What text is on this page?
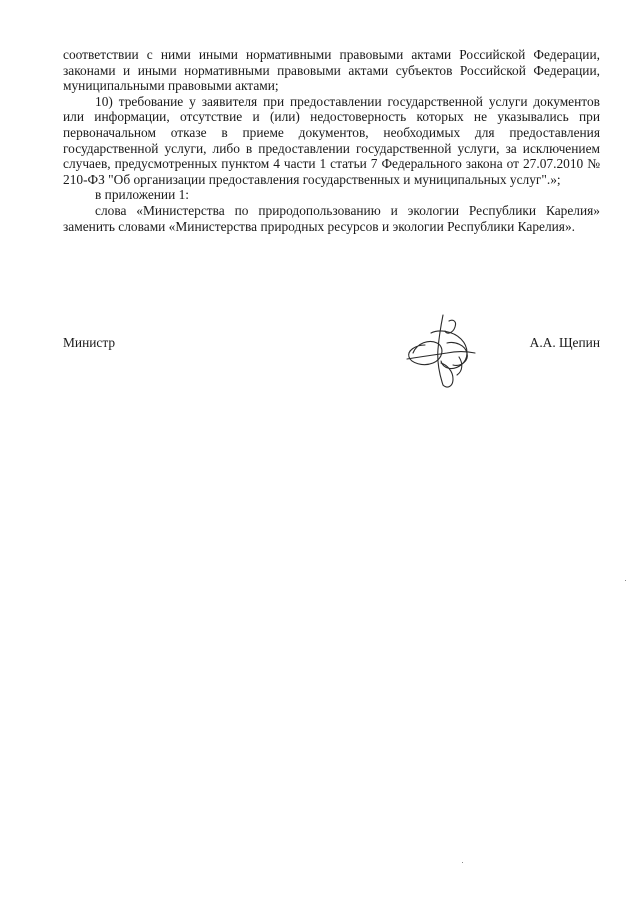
соответствии с ними иными нормативными правовыми актами Российской Федерации, законами и иными нормативными правовыми актами субъектов Российской Федерации, муниципальными правовыми актами;

10) требование у заявителя при предоставлении государственной услуги документов или информации, отсутствие и (или) недостоверность которых не указывались при первоначальном отказе в приеме документов, необходимых для предоставления государственной услуги, либо в предоставлении государственной услуги, за исключением случаев, предусмотренных пунктом 4 части 1 статьи 7 Федерального закона от 27.07.2010 № 210-ФЗ "Об организации предоставления государственных и муниципальных услуг".»;

в приложении 1:

слова «Министерства по природопользованию и экологии Республики Карелия» заменить словами «Министерства природных ресурсов и экологии Республики Карелия».

Министр	А.А. Щепин
